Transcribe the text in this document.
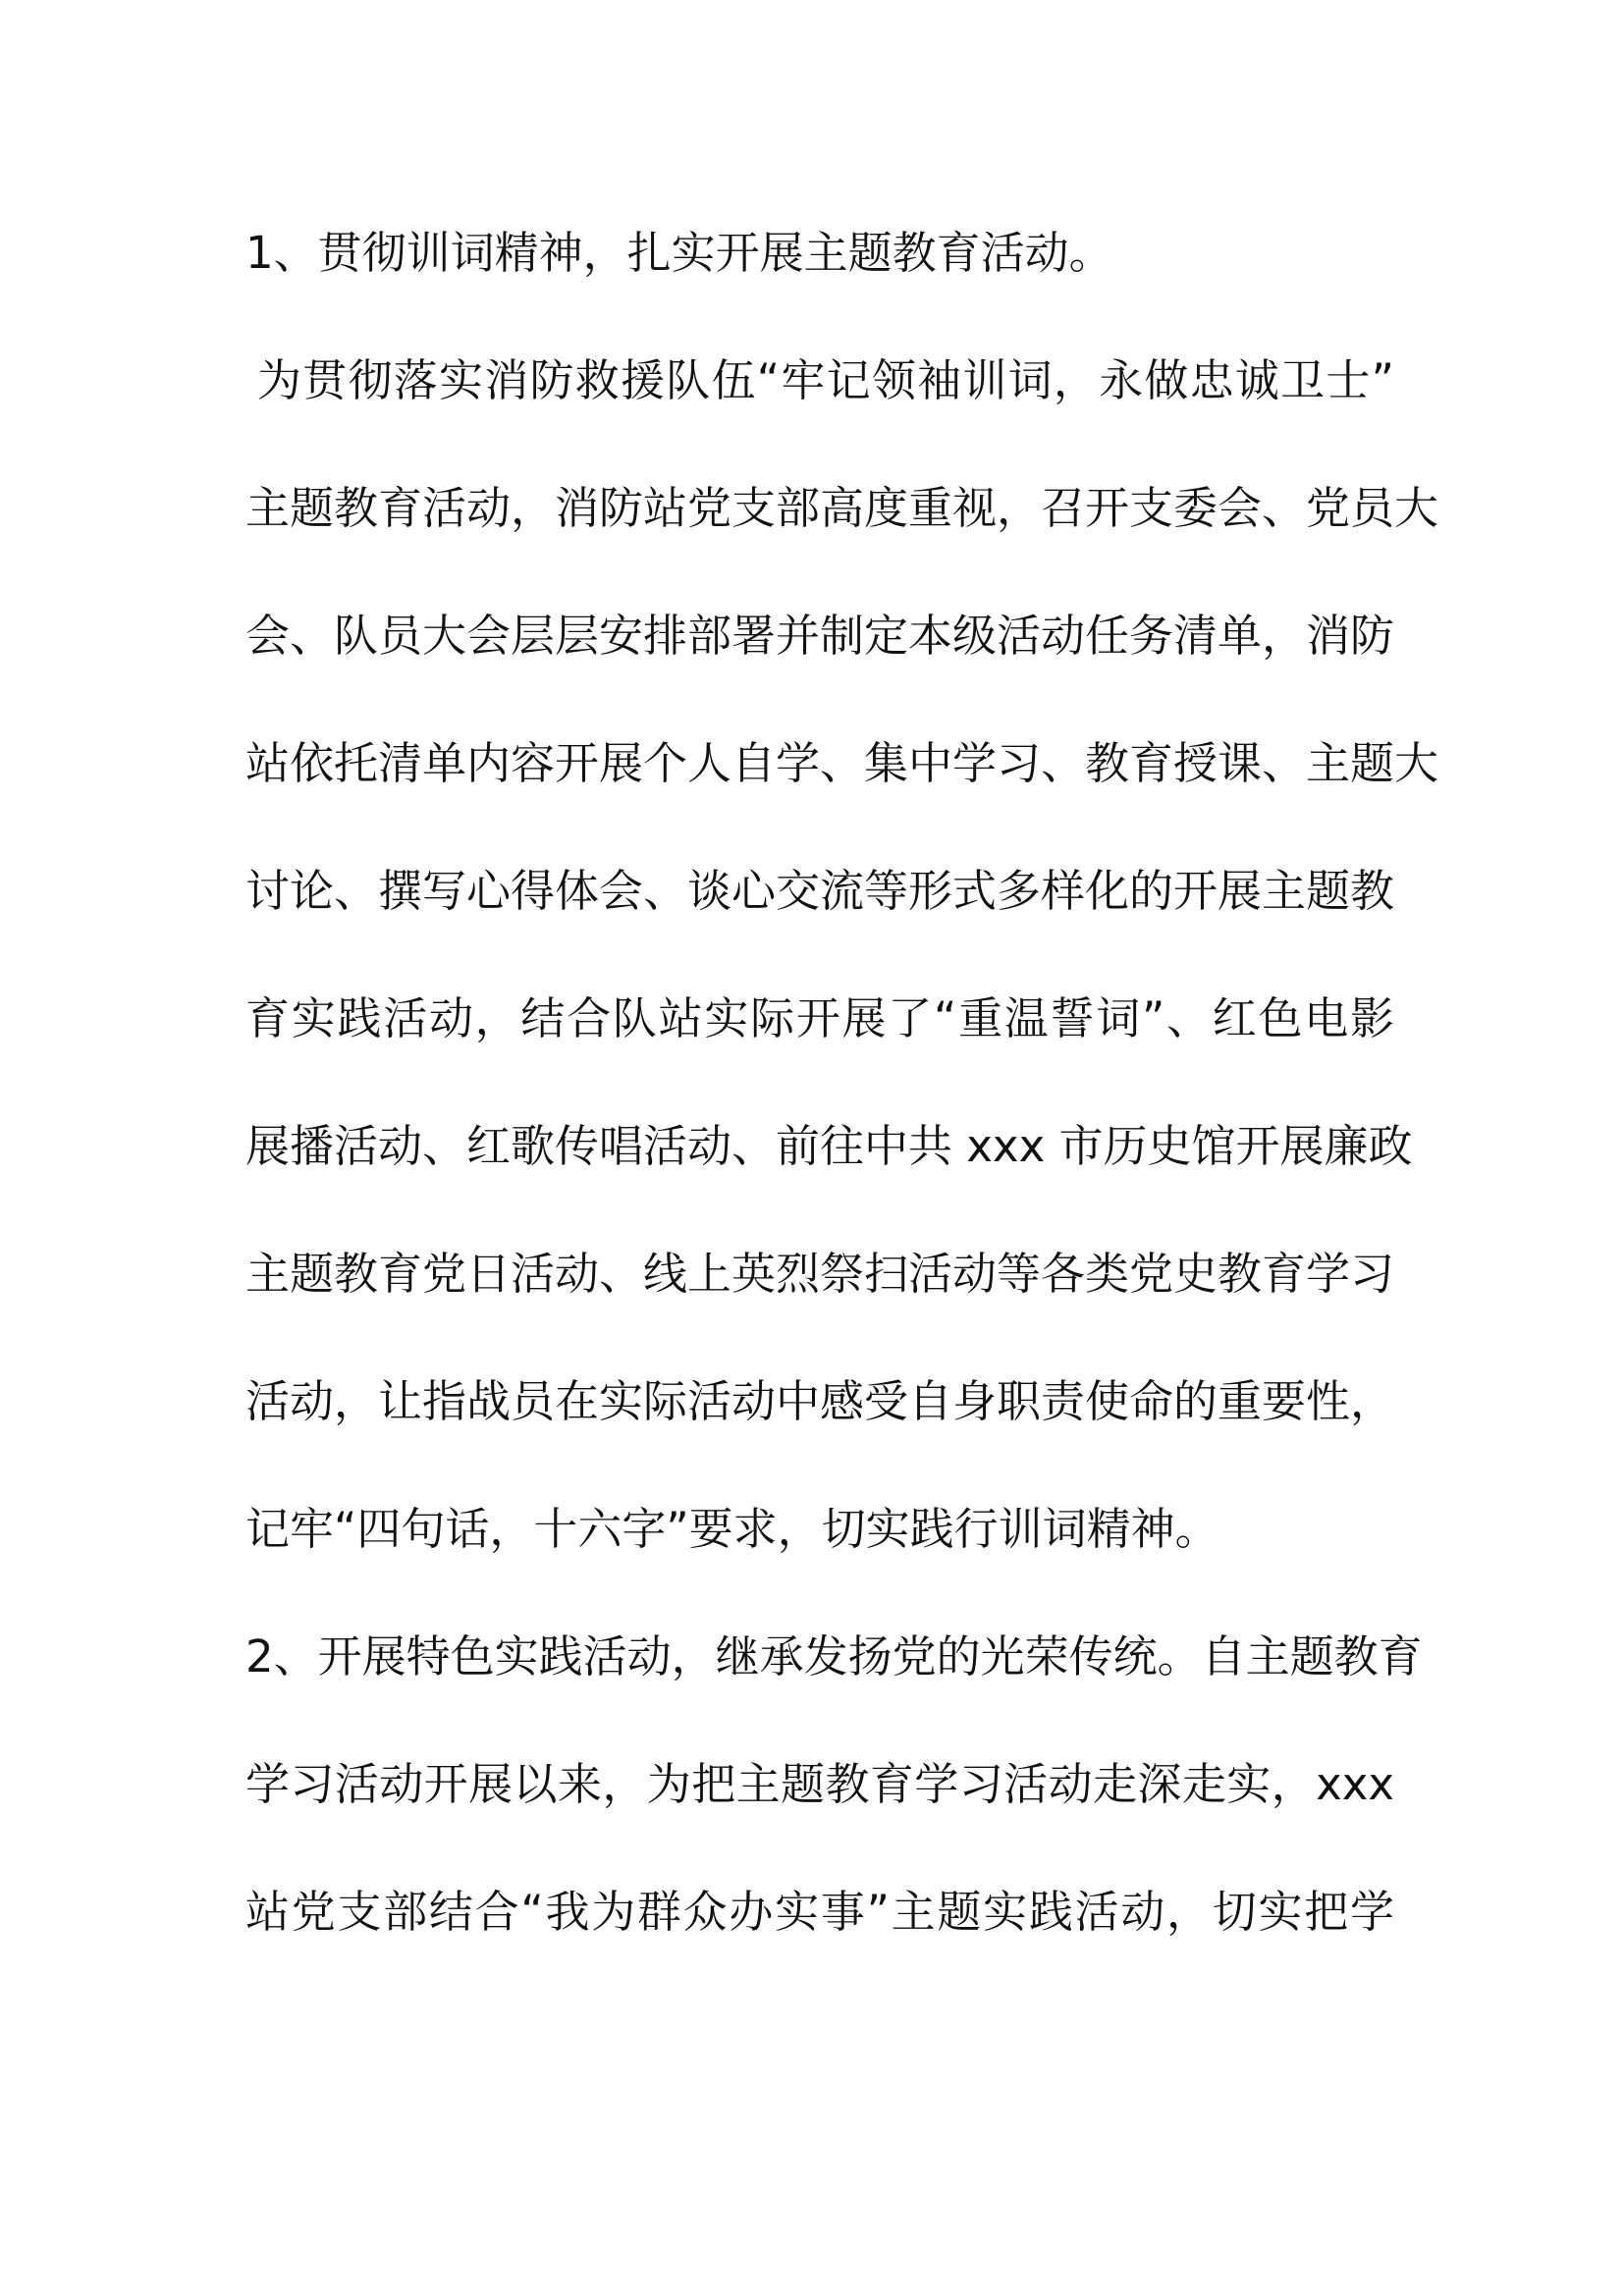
1、贯彻训词精神，扎实开展主题教育活动。
为贯彻落实消防救援队伍“牢记领袖训词，永做忠诚卫士”
主题教育活动，消防站党支部高度重视，召开支委会、党员大
会、队员大会层层安排部署并制定本级活动任务清单，消防
站依托清单内容开展个人自学、集中学习、教育授课、主题大
讨论、撰写心得体会、谈心交流等形式多样化的开展主题教
育实践活动，结合队站实际开展了“重温誓词”、红色电影
展播活动、红歌传唱活动、前往中共 xxx 市历史馆开展廉政
主题教育党日活动、线上英烈祭扫活动等各类党史教育学习
活动，让指战员在实际活动中感受自身职责使命的重要性，
记牢“四句话，十六字”要求，切实践行训词精神。
2、开展特色实践活动，继承发扬党的光荣传统。自主题教育
学习活动开展以来，为把主题教育学习活动走深走实，xxx
站党支部结合“我为群众办实事”主题实践活动，切实把学
